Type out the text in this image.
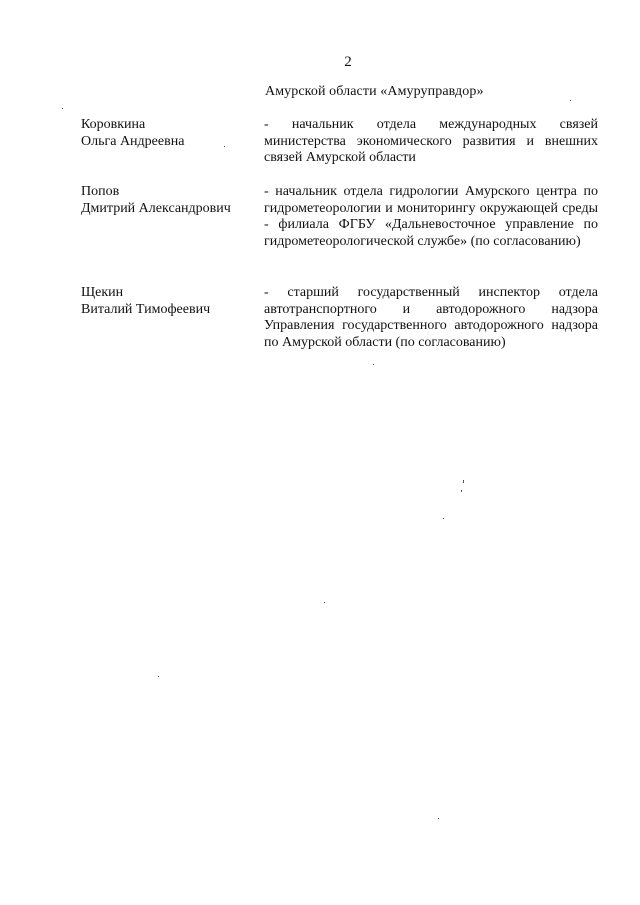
2
Амурской области «Амуруправдор»
Коровкина
Ольга Андреевна
- начальник отдела международных связей министерства экономического развития и внешних связей Амурской области
Попов
Дмитрий Александрович
- начальник отдела гидрологии Амурского центра по гидрометеорологии и мониторингу окружающей среды - филиала ФГБУ «Дальневосточное управление по гидрометеорологической службе» (по согласованию)
Щекин
Виталий Тимофеевич
- старший государственный инспектор отдела автотранспортного и автодорожного надзора Управления государственного автодорожного надзора по Амурской области (по согласованию)
